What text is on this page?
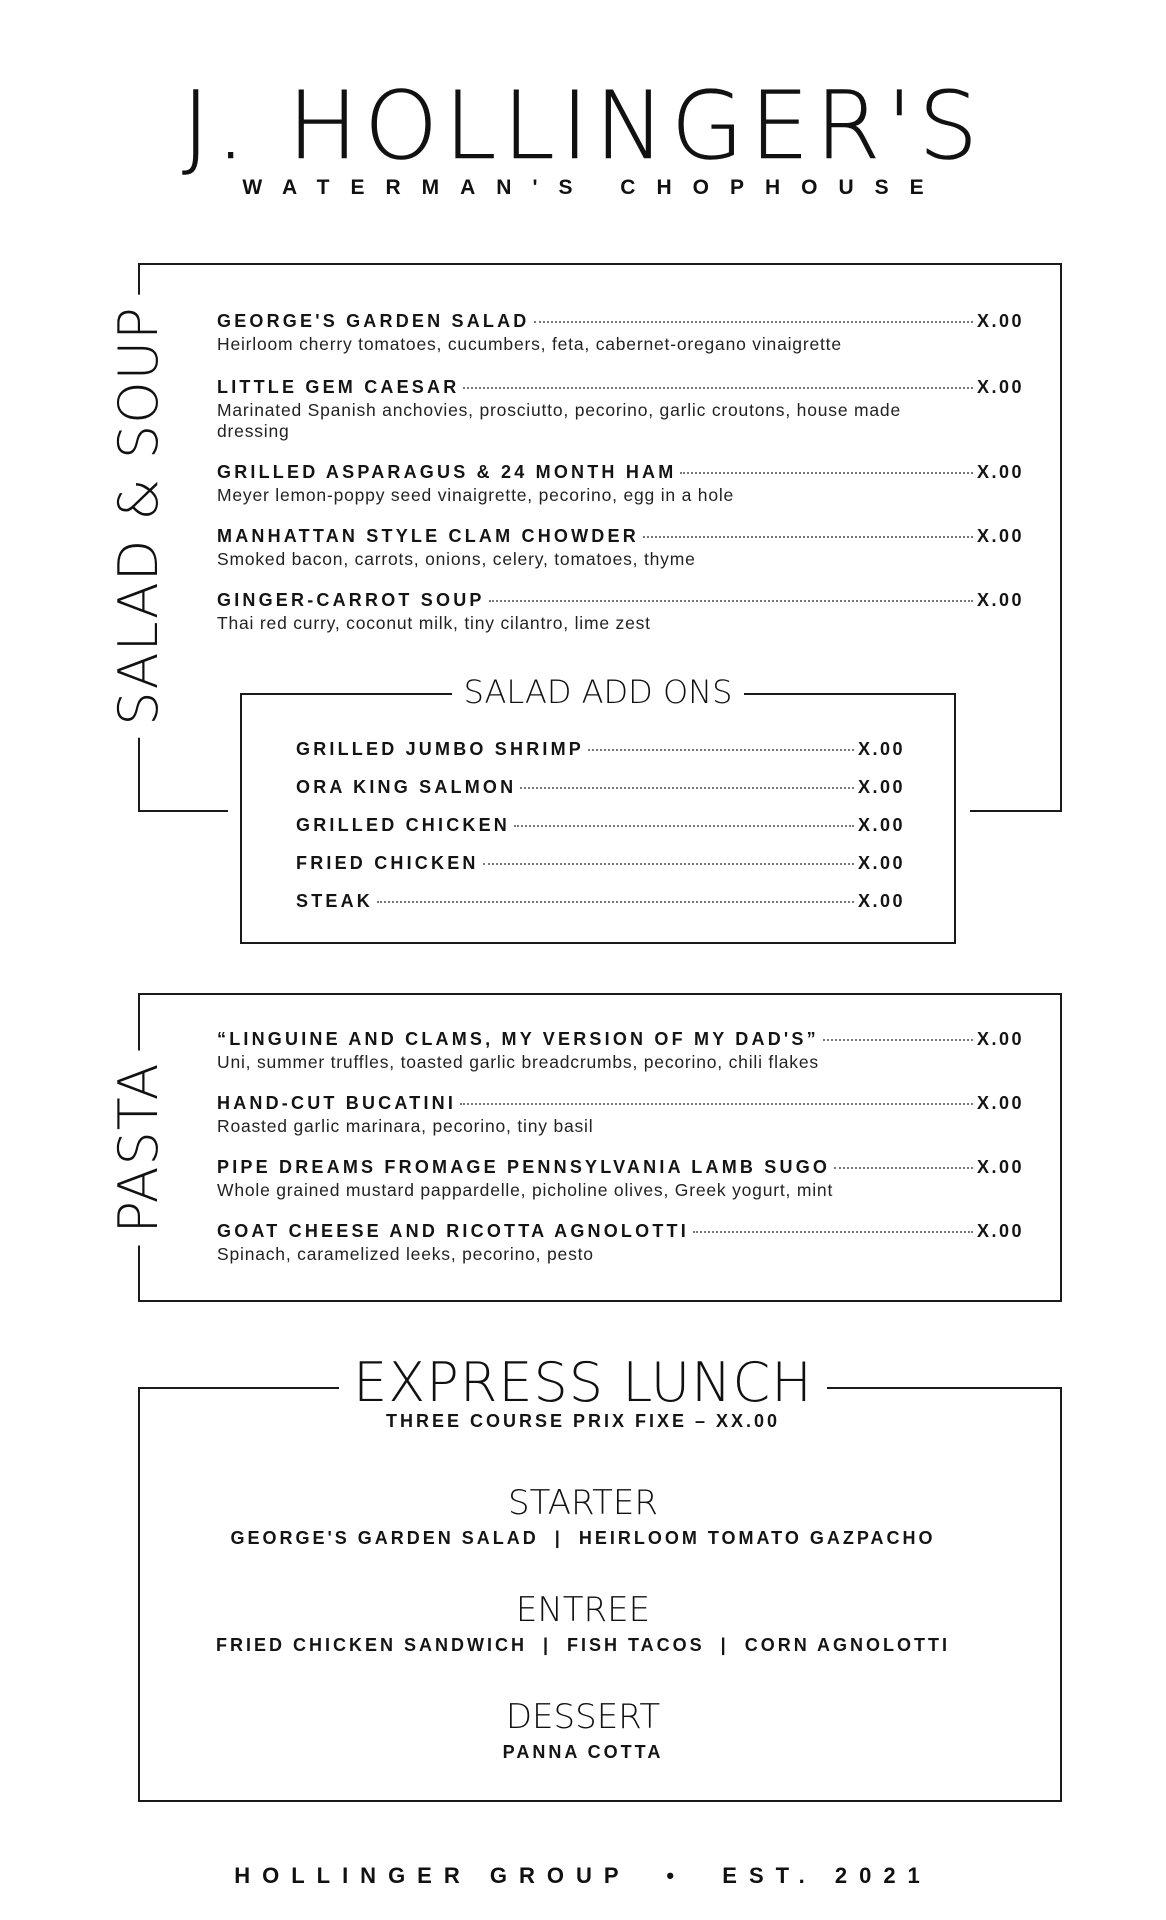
J. HOLLINGER'S
WATERMAN'S CHOPHOUSE
SALAD & SOUP	GEORGE'S GARDEN SALAD	X.00
Heirloom cherry tomatoes, cucumbers, feta, cabernet-oregano vinaigrette
LITTLE GEM CAESAR	X.00
Marinated Spanish anchovies, prosciutto, pecorino, garlic croutons, house made dressing
GRILLED ASPARAGUS & 24 MONTH HAM	X.00
Meyer lemon-poppy seed vinaigrette, pecorino, egg in a hole
MANHATTAN STYLE CLAM CHOWDER	X.00
Smoked bacon, carrots, onions, celery, tomatoes, thyme
GINGER-CARROT SOUP	X.00
Thai red curry, coconut milk, tiny cilantro, lime zest
SALAD ADD ONS
GRILLED JUMBO SHRIMP	X.00
ORA KING SALMON	X.00
GRILLED CHICKEN	X.00
FRIED CHICKEN	X.00
STEAK	X.00
PASTA
“LINGUINE AND CLAMS, MY VERSION OF MY DAD'S”	X.00
Uni, summer truffles, toasted garlic breadcrumbs, pecorino, chili flakes
HAND-CUT BUCATINI	X.00
Roasted garlic marinara, pecorino, tiny basil
PIPE DREAMS FROMAGE PENNSYLVANIA LAMB SUGO	X.00
Whole grained mustard pappardelle, picholine olives, Greek yogurt, mint
GOAT CHEESE AND RICOTTA AGNOLOTTI	X.00
Spinach, caramelized leeks, pecorino, pesto
EXPRESS LUNCH
THREE COURSE PRIX FIXE – XX.00
STARTER
GEORGE'S GARDEN SALAD  |  HEIRLOOM TOMATO GAZPACHO
ENTREE
FRIED CHICKEN SANDWICH  |  FISH TACOS  |  CORN AGNOLOTTI
DESSERT
PANNA COTTA
HOLLINGER GROUP  •  EST. 2021
